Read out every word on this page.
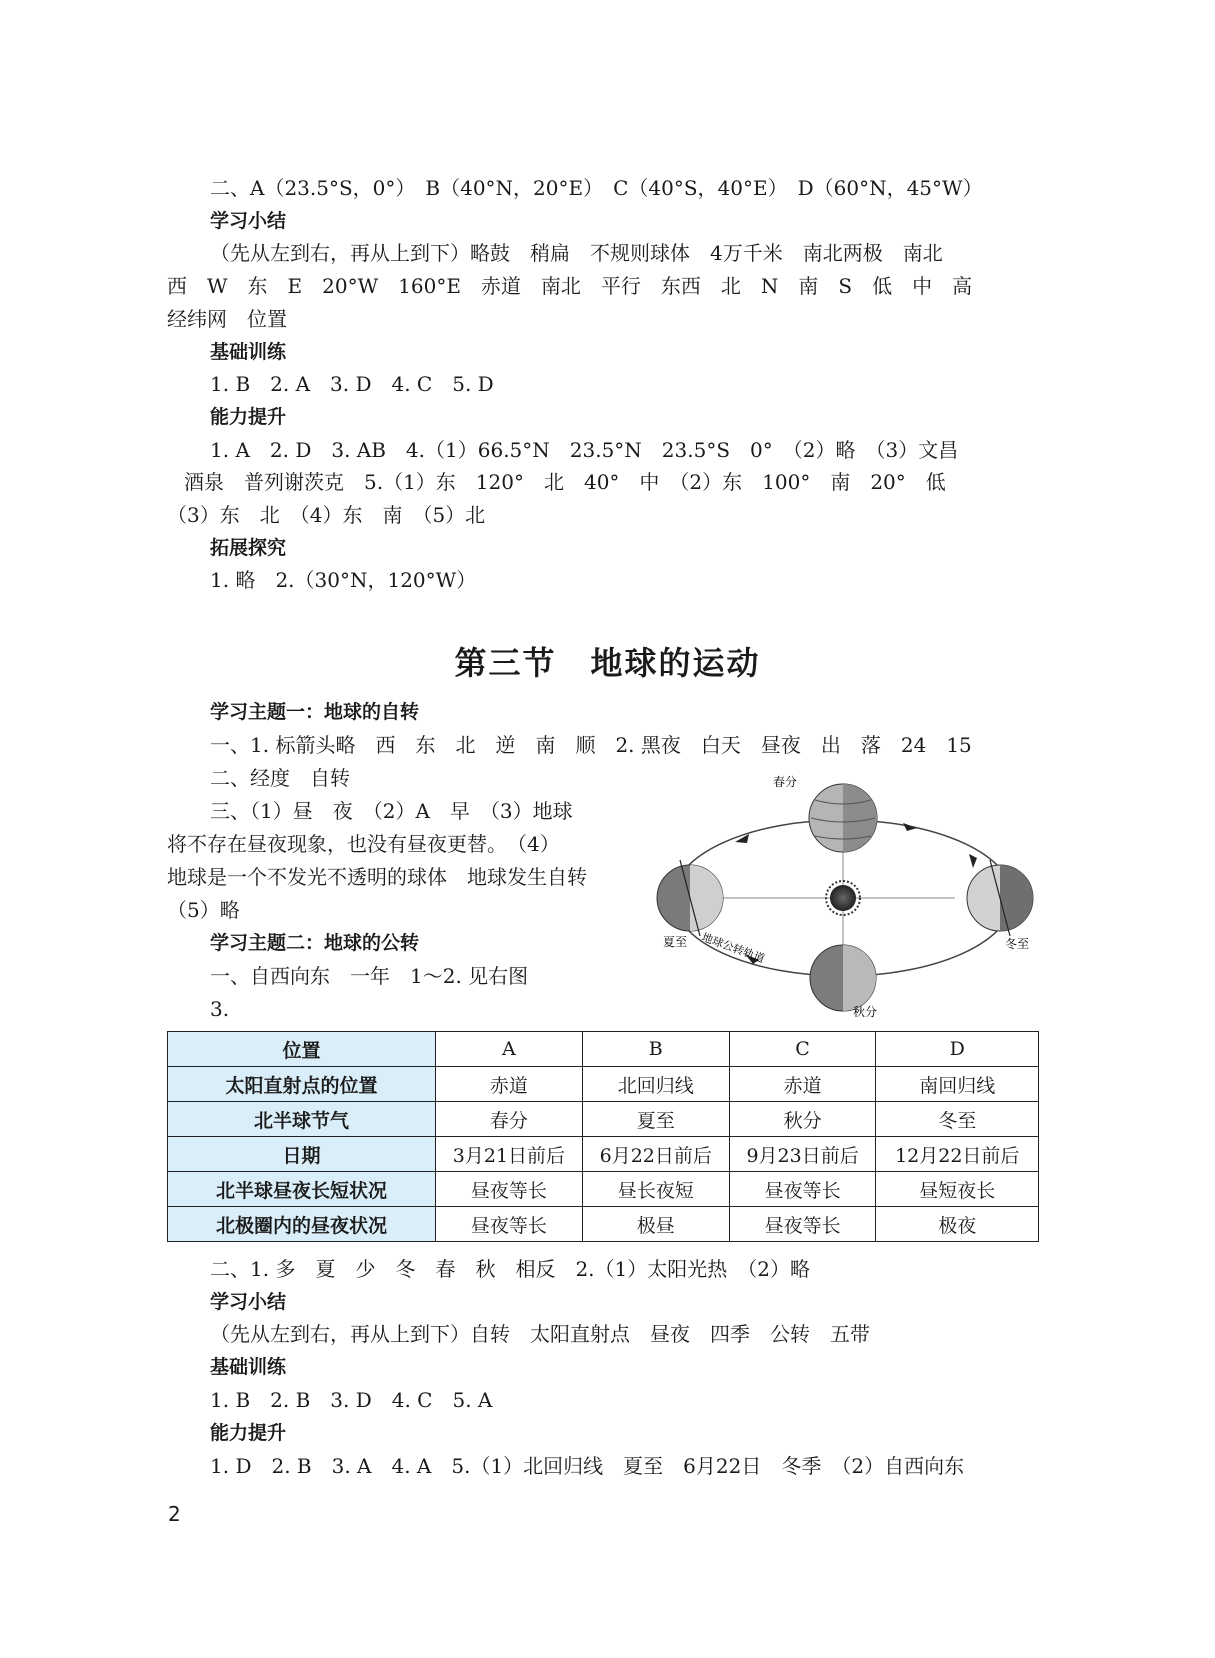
二、A（23.5°S，0°）　B（40°N，20°E）　C（40°S，40°E）　D（60°N，45°W）
学习小结
（先从左到右，再从上到下）略鼓　稍扁　不规则球体　4万千米　南北两极　南北
西　W　东　E　20°W　160°E　赤道　南北　平行　东西　北　N　南　S　低　中　高
经纬网　位置
基础训练
1. B　2. A　3. D　4. C　5. D
能力提升
1. A　2. D　3. AB　4.（1）66.5°N　23.5°N　23.5°S　0°　（2）略　（3）文昌
酒泉　普列谢茨克　5.（1）东　120°　北　40°　中　（2）东　100°　南　20°　低
（3）东　北　（4）东　南　（5）北
拓展探究
1. 略　2.（30°N，120°W）
第三节　地球的运动
学习主题一：地球的自转
一、1. 标箭头略　西　东　北　逆　南　顺　2. 黑夜　白天　昼夜　出　落　24　15
二、经度　自转
三、（1）昼　夜　（2）A　早　（3）地球
将不存在昼夜现象，也没有昼夜更替。　（4）
地球是一个不发光不透明的球体　地球发生自转
（5）略
学习主题二：地球的公转
一、自西向东　一年　1～2. 见右图
3.
春分
夏至	冬至
秋分
地球公转轨道
位置	A	B	C	D
太阳直射点的位置	赤道	北回归线	赤道	南回归线
北半球节气	春分	夏至	秋分	冬至
日期	3月21日前后	6月22日前后	9月23日前后	12月22日前后
北半球昼夜长短状况	昼夜等长	昼长夜短	昼夜等长	昼短夜长
北极圈内的昼夜状况	昼夜等长	极昼	昼夜等长	极夜
二、1. 多　夏　少　冬　春　秋　相反　2.（1）太阳光热　（2）略
学习小结
（先从左到右，再从上到下）自转　太阳直射点　昼夜　四季　公转　五带
基础训练
1. B　2. B　3. D　4. C　5. A
能力提升
1. D　2. B　3. A　4. A　5.（1）北回归线　夏至　6月22日　冬季　（2）自西向东
2
